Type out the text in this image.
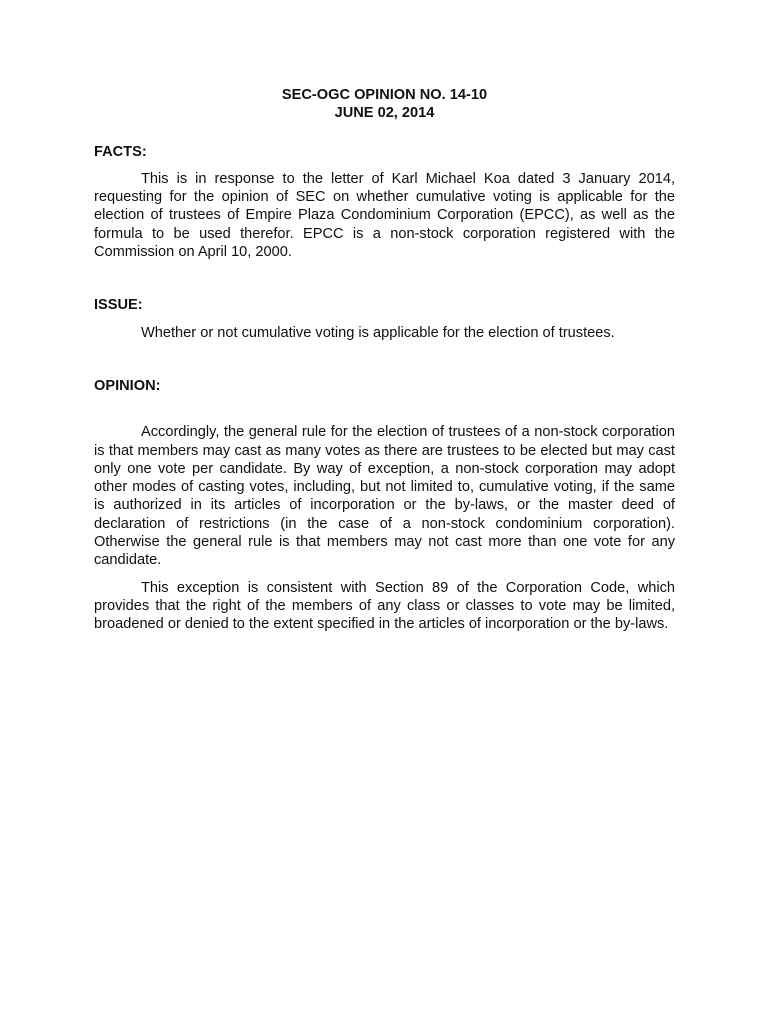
SEC-OGC OPINION NO. 14-10
JUNE 02, 2014
FACTS:

This is in response to the letter of Karl Michael Koa dated 3 January 2014, requesting for the opinion of SEC on whether cumulative voting is applicable for the election of trustees of Empire Plaza Condominium Corporation (EPCC), as well as the formula to be used therefor. EPCC is a non-stock corporation registered with the Commission on April 10, 2000.

ISSUE:

Whether or not cumulative voting is applicable for the election of trustees.

OPINION:

Accordingly, the general rule for the election of trustees of a non-stock corporation is that members may cast as many votes as there are trustees to be elected but may cast only one vote per candidate. By way of exception, a non-stock corporation may adopt other modes of casting votes, including, but not limited to, cumulative voting, if the same is authorized in its articles of incorporation or the by-laws, or the master deed of declaration of restrictions (in the case of a non-stock condominium corporation). Otherwise the general rule is that members may not cast more than one vote for any candidate.

This exception is consistent with Section 89 of the Corporation Code, which provides that the right of the members of any class or classes to vote may be limited, broadened or denied to the extent specified in the articles of incorporation or the by-laws.
